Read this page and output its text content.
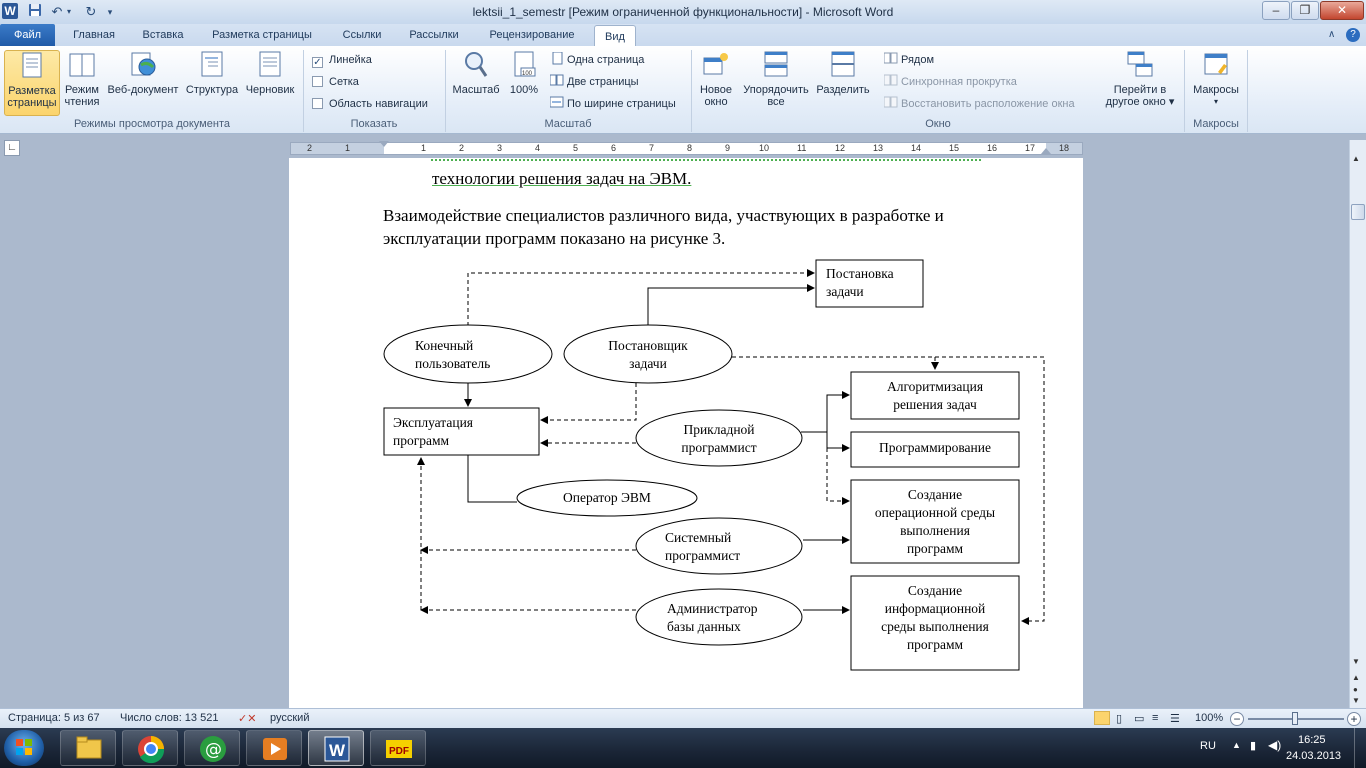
W	↶ ▾ ↻	▾	lektsii_1_semestr [Режим ограниченной функциональности] - Microsoft Word	–	❐	✕
Файл	Главная	Вставка	Разметка страницы	Ссылки	Рассылки	Рецензирование	Вид	∧	?
Разметка страницы
Режим чтения
Веб-документ Структура Черновик
Режимы просмотра документа
✓ Линейка
Сетка
Область навигации
Показать
Масштаб
100
100%
Одна страница
Две страницы
По ширине страницы
Масштаб
Новое окно
Упорядочить все
Разделить
Рядом
Синхронная прокрутка
Восстановить расположение окна
Перейти в другое окно ▾
Окно
Макросы
▾
Макросы
∟	2	1	1	2	3	4	5	6	7	8	9	10	11	12	13	14	15	16	17	18
технологии решения задач на ЭВМ.
Взаимодействие специалистов различного вида, участвующих в разработке и
эксплуатации программ показано на рисунке 3.
Постановка
задачи
Конечный
пользователь
Постановщик
задачи
Эксплуатация
программ
Прикладной
программист
Алгоритмизация
решения задач
Программирование
Оператор ЭВМ
Системный
программист
Создание
операционной среды
выполнения
программ
Администратор
базы данных
Создание
информационной
среды выполнения
программ
▲
▼
▲
●
▼
Страница: 5 из 67 Число слов: 13 521 ✓✕ русский	▯ ▭ ≡ ☰ 100% −	+
@	W	PDF	RU ▲ ▮ ◀) 16:25
24.03.2013
